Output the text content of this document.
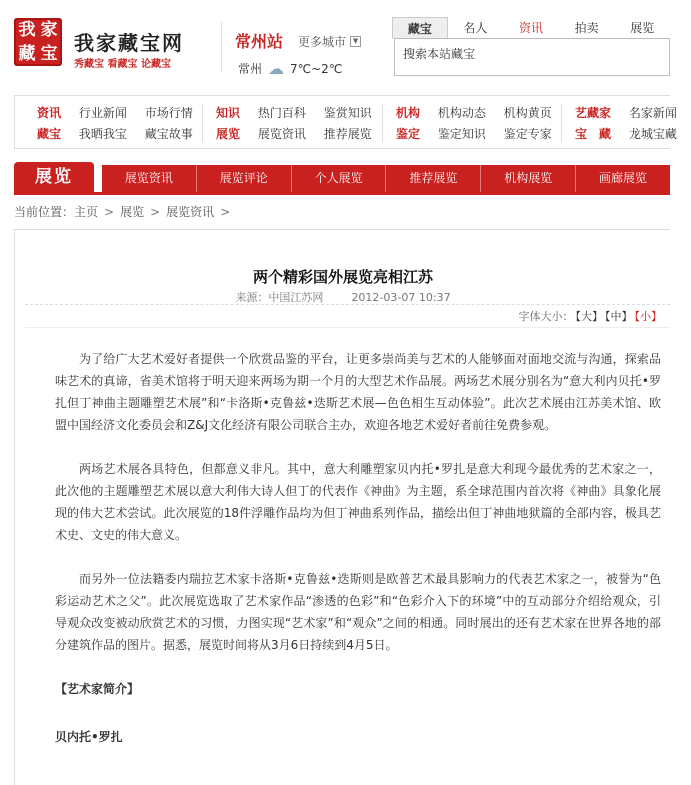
我 家
藏 宝 我家藏宝网
秀藏宝 看藏宝 论藏宝
常州站 更多城市 ▼
常州 ☁ 7℃~2℃
藏宝	名人	资讯	拍卖	展览
搜索本站藏宝
资讯 行业新闻 市场行情	知识 热门百科 鉴赏知识	机构 机构动态 机构黄页	艺藏家 名家新闻
藏宝 我晒我宝 藏宝故事	展览 展览资讯 推荐展览	鉴定 鉴定知识 鉴定专家	宝　藏 龙城宝藏
展览	展览资讯	展览评论	个人展览	推荐展览	机构展览	画廊展览
当前位置：主页 > 展览 > 展览资讯 >
两个精彩国外展览亮相江苏
来源：中国江苏网	2012-03-07 10:37
字体大小： 【大】 【中】 【小】

为了给广大艺术爱好者提供一个欣赏品鉴的平台，让更多崇尚美与艺术的人能够面对面地交流与沟通，探索品味艺术的真谛，省美术馆将于明天迎来两场为期一个月的大型艺术作品展。两场艺术展分别名为“意大利内贝托•罗扎但丁神曲主题雕塑艺术展”和“卡洛斯•克鲁兹•迭斯艺术展—色色相生互动体验”。此次艺术展由江苏美术馆、欧盟中国经济文化委员会和Z&J文化经济有限公司联合主办，欢迎各地艺术爱好者前往免费参观。

两场艺术展各具特色，但都意义非凡。其中，意大利雕塑家贝内托•罗扎是意大利现今最优秀的艺术家之一，此次他的主题雕塑艺术展以意大利伟大诗人但丁的代表作《神曲》为主题，系全球范围内首次将《神曲》具象化展现的伟大艺术尝试。此次展览的18件浮雕作品均为但丁神曲系列作品，描绘出但丁神曲地狱篇的全部内容，极具艺术史、文史的伟大意义。

而另外一位法籍委内瑞拉艺术家卡洛斯•克鲁兹•迭斯则是欧普艺术最具影响力的代表艺术家之一，被誉为“色彩运动艺术之父”。此次展览选取了艺术家作品“渗透的色彩”和“色彩介入下的环境”中的互动部分介绍给观众，引导观众改变被动欣赏艺术的习惯，力图实现“艺术家”和“观众”之间的相通。同时展出的还有艺术家在世界各地的部分建筑作品的图片。据悉，展览时间将从3月6日持续到4月5日。

【艺术家简介】

贝内托•罗扎
